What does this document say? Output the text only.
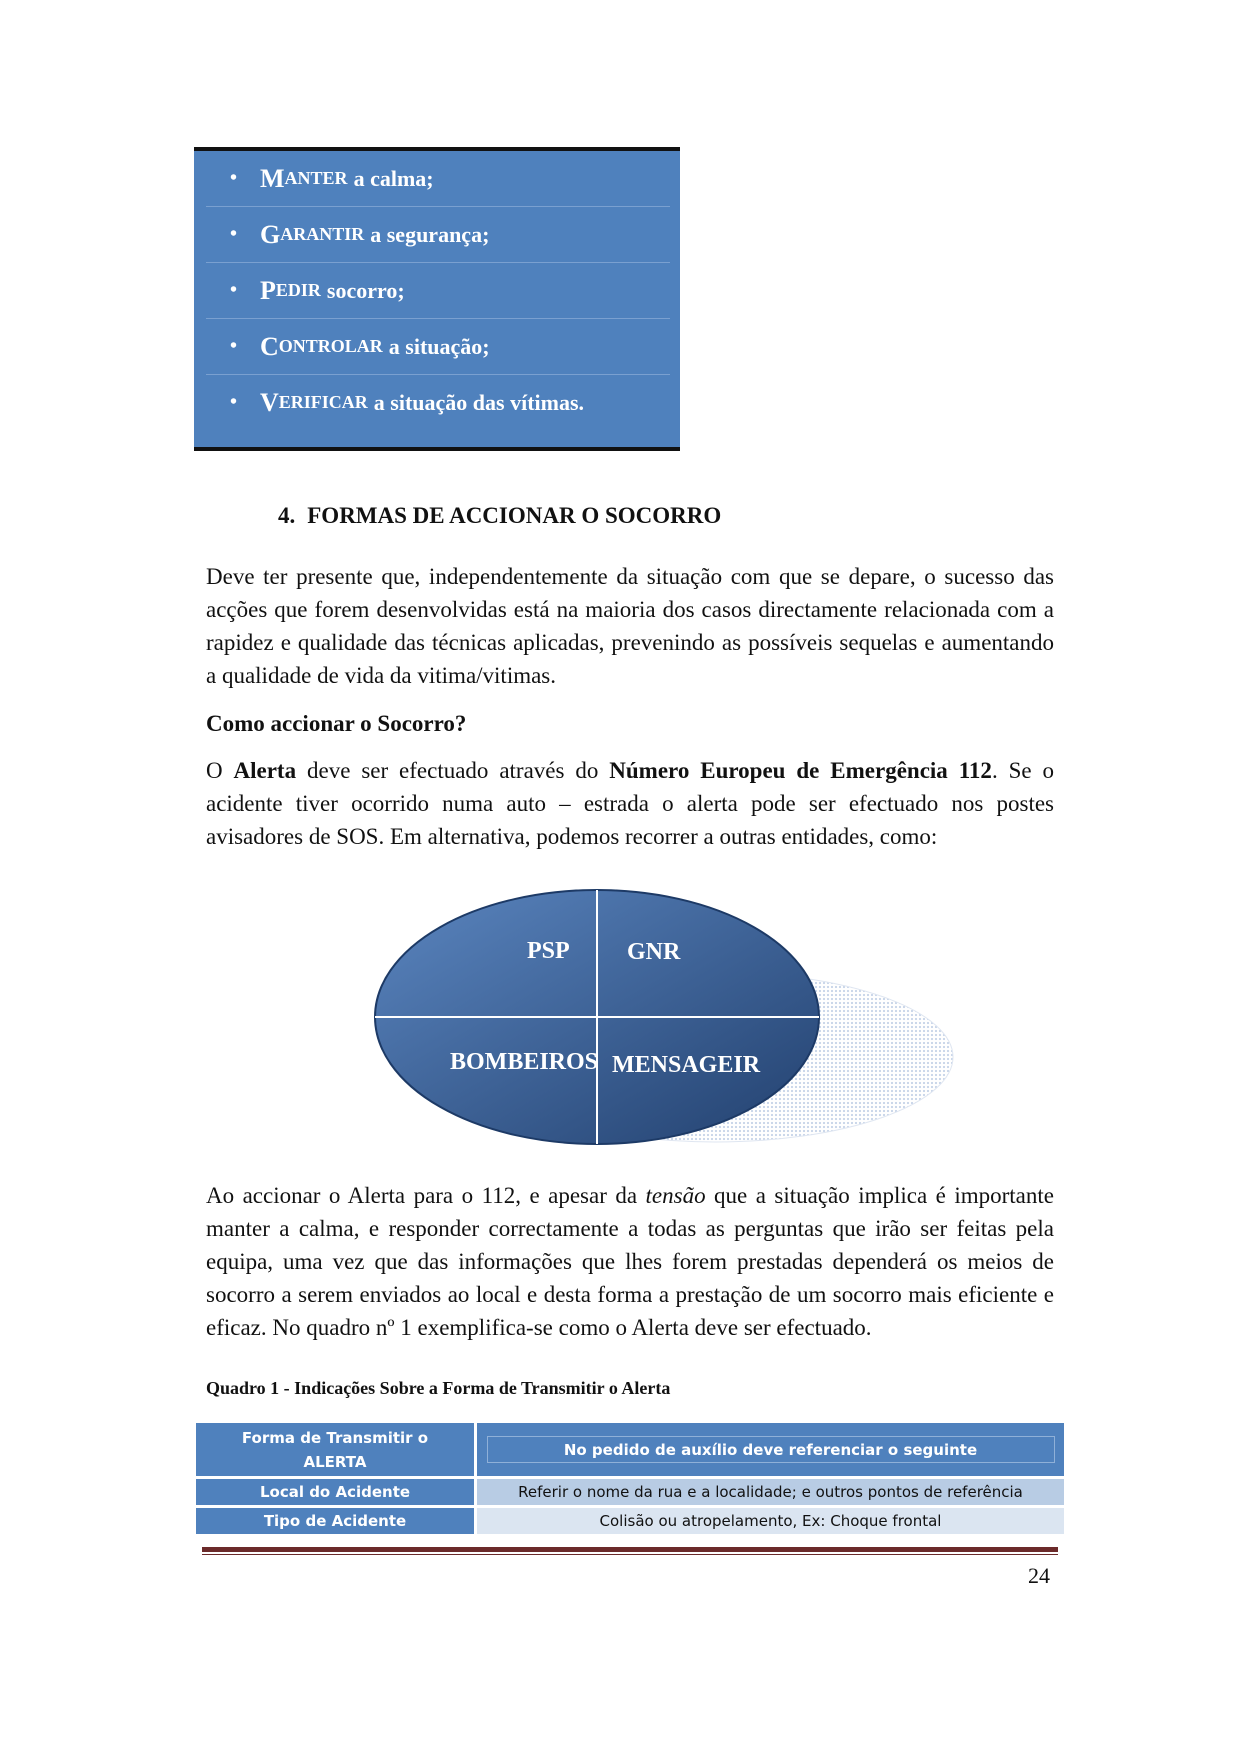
• M ANTER a calma;
• G ARANTIR a segurança;
• P EDIR socorro;
• C ONTROLAR a situação;
• V ERIFICAR a situação das vítimas.
4. FORMAS DE ACCIONAR O SOCORRO

Deve ter presente que, independentemente da situação com que se depare, o sucesso das acções que forem desenvolvidas está na maioria dos casos directamente relacionada com a rapidez e qualidade das técnicas aplicadas, prevenindo as possíveis sequelas e aumentando a qualidade de vida da vitima/vitimas.

Como accionar o Socorro?

O Alerta deve ser efectuado através do Número Europeu de Emergência 112. Se o acidente tiver ocorrido numa auto – estrada o alerta pode ser efectuado nos postes avisadores de SOS. Em alternativa, podemos recorrer a outras entidades, como:

PSP GNR
BOMBEIROS MENSAGEIR

Ao accionar o Alerta para o 112, e apesar da tensão que a situação implica é importante manter a calma, e responder correctamente a todas as perguntas que irão ser feitas pela equipa, uma vez que das informações que lhes forem prestadas dependerá os meios de socorro a serem enviados ao local e desta forma a prestação de um socorro mais eficiente e eficaz. No quadro nº 1 exemplifica-se como o Alerta deve ser efectuado.

Quadro 1 - Indicações Sobre a Forma de Transmitir o Alerta
Forma de Transmitir o
ALERTA
No pedido de auxílio deve referenciar o seguinte
Local do Acidente	Referir o nome da rua e a localidade; e outros pontos de referência
Tipo de Acidente	Colisão ou atropelamento, Ex: Choque frontal
24
